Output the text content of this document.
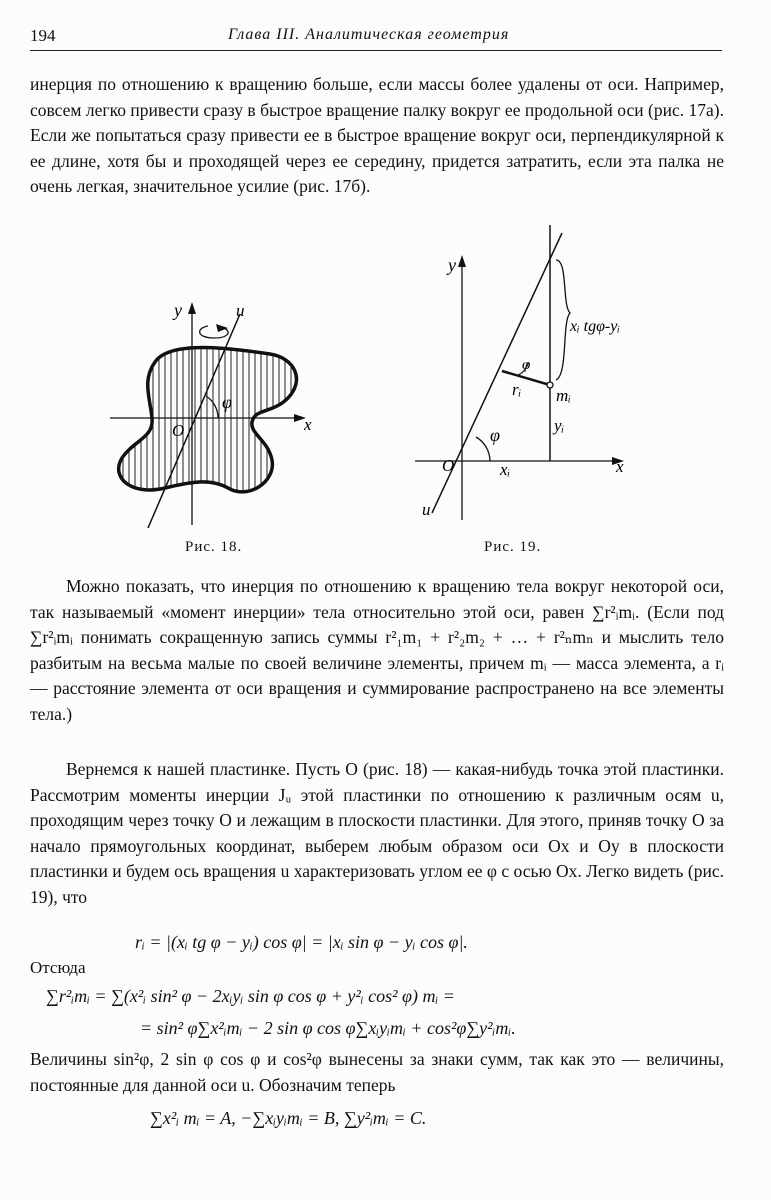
194	Глава III. Аналитическая геометрия

инерция по отношению к вращению больше, если массы более удалены от оси. Например, совсем легко привести сразу в быстрое вращение палку вокруг ее продольной оси (рис. 17а). Если же попытаться сразу привести ее в быстрое вращение вокруг оси, перпендикулярной к ее длине, хотя бы и проходящей через ее середину, придется затратить, если эта палка не очень легкая, значительное усилие (рис. 17б).

y	u
x
O
φ
Рис. 18.
y
x
u
O
φ
φ
rᵢ mᵢ
yᵢ
xᵢ
xᵢ tgφ-yᵢ
Рис. 19.

Можно показать, что инерция по отношению к вращению тела вокруг некоторой оси, так называемый «момент инерции» тела относительно этой оси, равен ∑r²ᵢmᵢ. (Если под ∑r²ᵢmᵢ понимать сокращенную запись суммы r²₁m₁ + r²₂m₂ + … + r²ₙmₙ и мыслить тело разбитым на весьма малые по своей величине элементы, причем mᵢ — масса элемента, а rᵢ — расстояние элемента от оси вращения и суммирование распространено на все элементы тела.)

Вернемся к нашей пластинке. Пусть O (рис. 18) — какая-нибудь точка этой пластинки. Рассмотрим моменты инерции Jᵤ этой пластинки по отношению к различным осям u, проходящим через точку O и лежащим в плоскости пластинки. Для этого, приняв точку O за начало прямоугольных координат, выберем любым образом оси Ox и Oy в плоскости пластинки и будем ось вращения u характеризовать углом ее φ с осью Ox. Легко видеть (рис. 19), что

rᵢ = |(xᵢ tg φ − yᵢ) cos φ| = |xᵢ sin φ − yᵢ cos φ|.
Отсюда
∑r²ᵢmᵢ = ∑(x²ᵢ sin² φ − 2xᵢyᵢ sin φ cos φ + y²ᵢ cos² φ) mᵢ =
= sin² φ∑x²ᵢmᵢ − 2 sin φ cos φ∑xᵢyᵢmᵢ + cos²φ∑y²ᵢmᵢ.

Величины sin²φ, 2 sin φ cos φ и cos²φ вынесены за знаки сумм, так как это — величины, постоянные для данной оси u. Обозначим теперь

∑x²ᵢ mᵢ = A, −∑xᵢyᵢmᵢ = B, ∑y²ᵢmᵢ = C.
